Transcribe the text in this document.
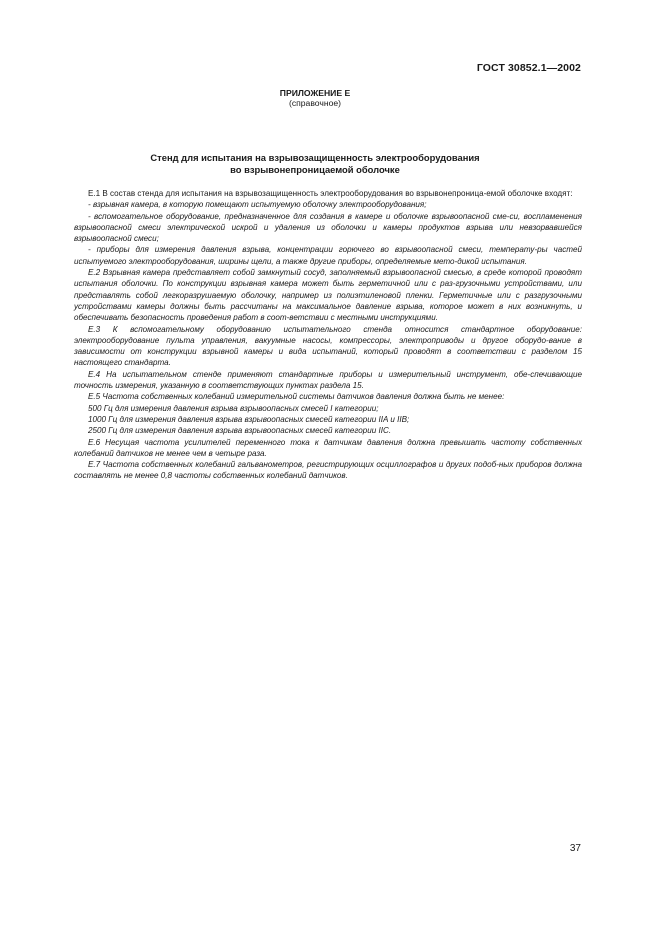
ГОСТ 30852.1—2002
ПРИЛОЖЕНИЕ Е
(справочное)
Стенд для испытания на взрывозащищенность электрооборудования
во взрывонепроницаемой оболочке

Е.1 В состав стенда для испытания на взрывозащищенность электрооборудования во взрывонепроница-емой оболочке входят:

- взрывная камера, в которую помещают испытуемую оболочку электрооборудования;

- вспомогательное оборудование, предназначенное для создания в камере и оболочке взрывоопасной сме-си, воспламенения взрывоопасной смеси электрической искрой и удаления из оболочки и камеры продуктов взрыва или невзорвавшейся взрывоопасной смеси;

- приборы для измерения давления взрыва, концентрации горючего во взрывоопасной смеси, температу-ры частей испытуемого электрооборудования, ширины щели, а также другие приборы, определяемые мето-дикой испытания.

Е.2 Взрывная камера представляет собой замкнутый сосуд, заполняемый взрывоопасной смесью, в среде которой проводят испытания оболочки. По конструкции взрывная камера может быть герметичной или с раз-грузочными устройствами, или представлять собой легкоразрушаемую оболочку, например из полиэтиленовой пленки. Герметичные или с разгрузочными устройствами камеры должны быть рассчитаны на максимальное давление взрыва, которое может в них возникнуть, и обеспечивать безопасность проведения работ в соот-ветствии с местными инструкциями.

Е.3 К вспомогательному оборудованию испытательного стенда относится стандартное оборудование: электрооборудование пульта управления, вакуумные насосы, компрессоры, электроприводы и другое оборудо-вание в зависимости от конструкции взрывной камеры и вида испытаний, который проводят в соответствии с разделом 15 настоящего стандарта.

Е.4 На испытательном стенде применяют стандартные приборы и измерительный инструмент, обе-спечивающие точность измерения, указанную в соответствующих пунктах раздела 15.

Е.5 Частота собственных колебаний измерительной системы датчиков давления должна быть не менее:

500 Гц для измерения давления взрыва взрывоопасных смесей I категории;

1000 Гц для измерения давления взрыва взрывоопасных смесей категории IIA и IIB;

2500 Гц для измерения давления взрыва взрывоопасных смесей категории IIC.

Е.6 Несущая частота усилителей переменного тока к датчикам давления должна превышать частоту собственных колебаний датчиков не менее чем в четыре раза.

Е.7 Частота собственных колебаний гальванометров, регистрирующих осциллографов и других подоб-ных приборов должна составлять не менее 0,8 частоты собственных колебаний датчиков.

37
